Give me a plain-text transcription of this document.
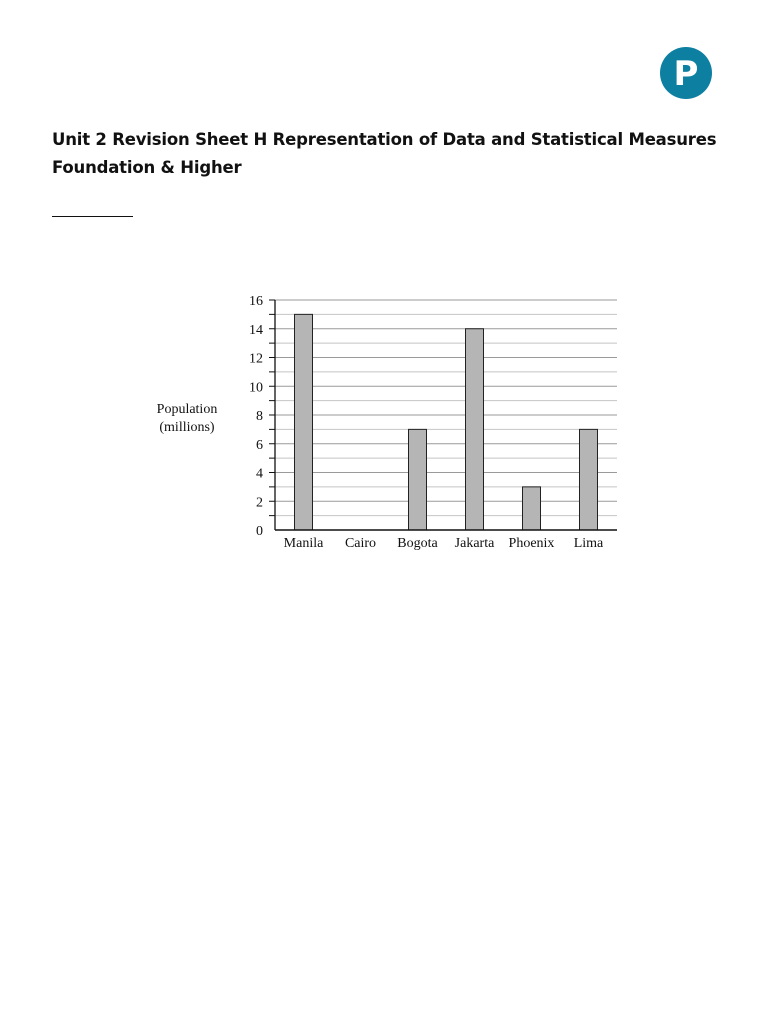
P
Unit 2 Revision Sheet H Representation of Data and Statistical Measures
Foundation & Higher
0
2
4
6
8
10
12
14
16
Manila Cairo Bogota Jakarta Phoenix Lima
Population
(millions)
